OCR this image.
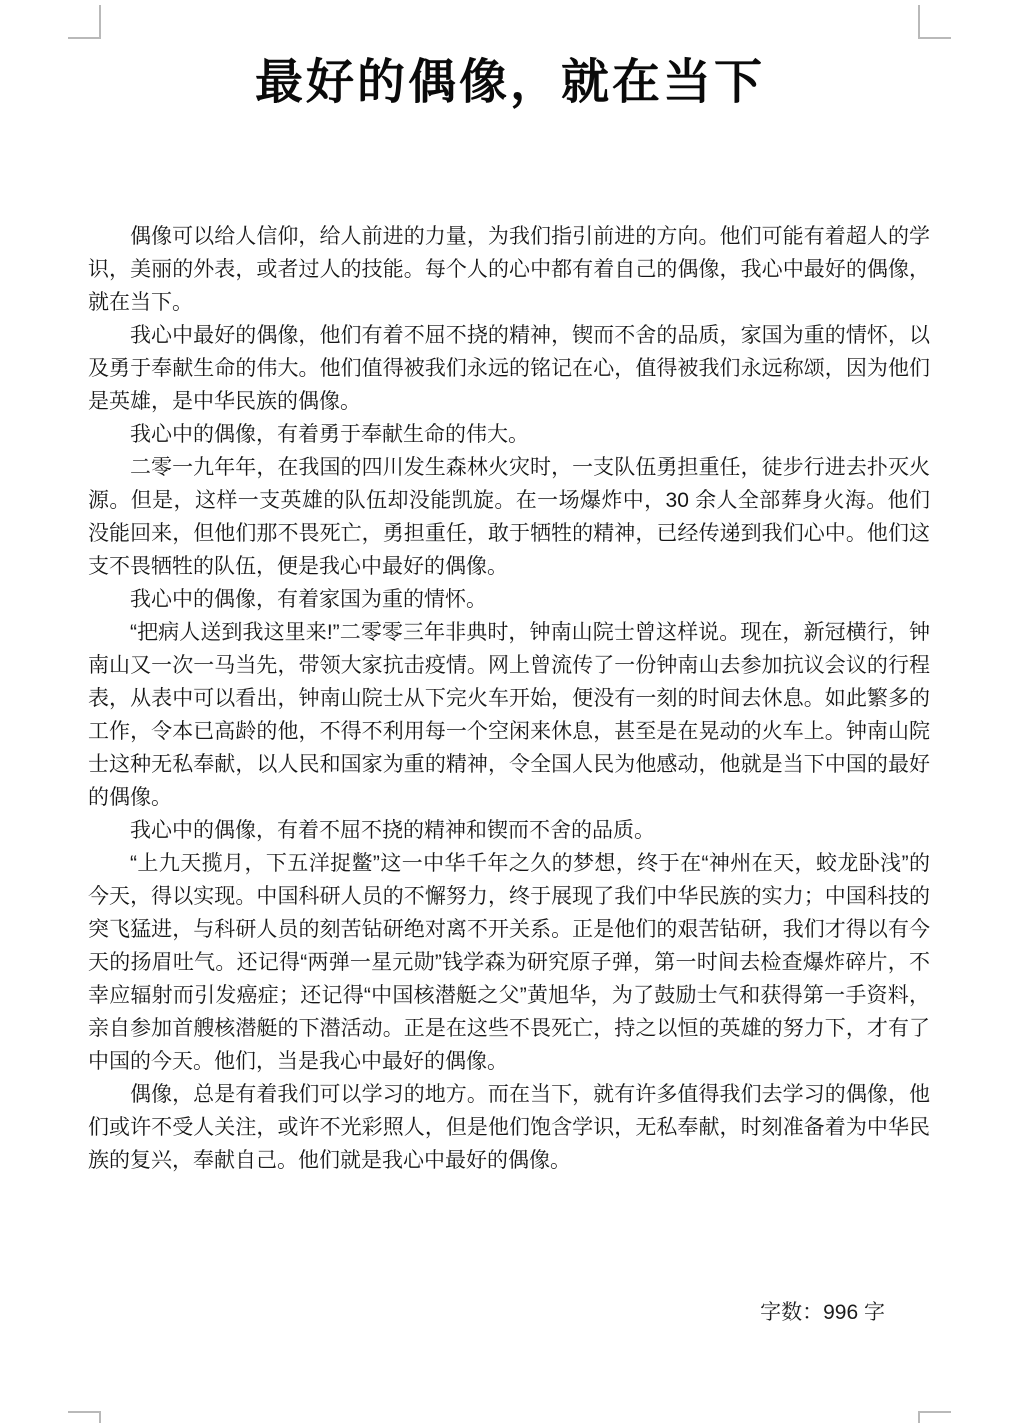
最好的偶像，就在当下

偶像可以给人信仰，给人前进的力量，为我们指引前进的方向。他们可能有着超人的学识，美丽的外表，或者过人的技能。每个人的心中都有着自己的偶像，我心中最好的偶像，就在当下。

我心中最好的偶像，他们有着不屈不挠的精神，锲而不舍的品质，家国为重的情怀，以及勇于奉献生命的伟大。他们值得被我们永远的铭记在心，值得被我们永远称颂，因为他们是英雄，是中华民族的偶像。

我心中的偶像，有着勇于奉献生命的伟大。

二零一九年年，在我国的四川发生森林火灾时，一支队伍勇担重任，徒步行进去扑灭火源。但是，这样一支英雄的队伍却没能凯旋。在一场爆炸中，30 余人全部葬身火海。他们没能回来，但他们那不畏死亡，勇担重任，敢于牺牲的精神，已经传递到我们心中。他们这支不畏牺牲的队伍，便是我心中最好的偶像。

我心中的偶像，有着家国为重的情怀。

“把病人送到我这里来!”二零零三年非典时，钟南山院士曾这样说。现在，新冠横行，钟南山又一次一马当先，带领大家抗击疫情。网上曾流传了一份钟南山去参加抗议会议的行程表，从表中可以看出，钟南山院士从下完火车开始，便没有一刻的时间去休息。如此繁多的工作，令本已高龄的他，不得不利用每一个空闲来休息，甚至是在晃动的火车上。钟南山院士这种无私奉献，以人民和国家为重的精神，令全国人民为他感动，他就是当下中国的最好的偶像。

我心中的偶像，有着不屈不挠的精神和锲而不舍的品质。

“上九天揽月，下五洋捉鳖”这一中华千年之久的梦想，终于在“神州在天，蛟龙卧浅”的今天，得以实现。中国科研人员的不懈努力，终于展现了我们中华民族的实力；中国科技的突飞猛进，与科研人员的刻苦钻研绝对离不开关系。正是他们的艰苦钻研，我们才得以有今天的扬眉吐气。还记得“两弹一星元勋”钱学森为研究原子弹，第一时间去检查爆炸碎片，不幸应辐射而引发癌症；还记得“中国核潜艇之父”黄旭华，为了鼓励士气和获得第一手资料，亲自参加首艘核潜艇的下潜活动。正是在这些不畏死亡，持之以恒的英雄的努力下，才有了中国的今天。他们，当是我心中最好的偶像。

偶像，总是有着我们可以学习的地方。而在当下，就有许多值得我们去学习的偶像，他们或许不受人关注，或许不光彩照人，但是他们饱含学识，无私奉献，时刻准备着为中华民族的复兴，奉献自己。他们就是我心中最好的偶像。

字数：996 字
